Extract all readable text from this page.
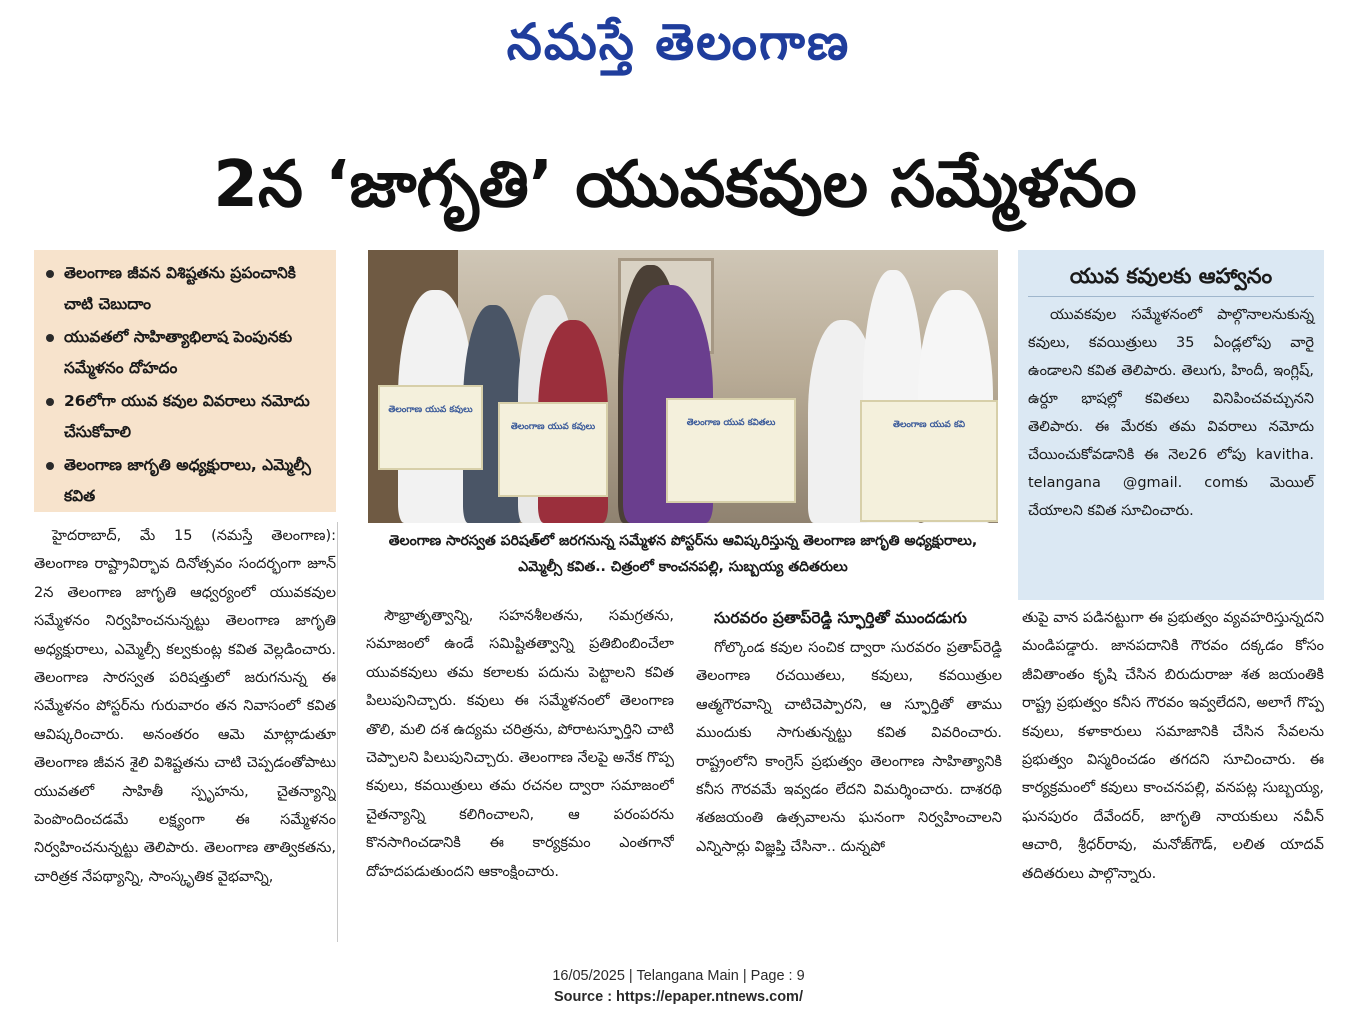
నమస్తే తెలంగాణ
2న ‘జాగృతి’ యువకవుల సమ్మేళనం
తెలంగాణ జీవన విశిష్టతను ప్రపంచానికి చాటి చెబుదాం
యువతలో సాహిత్యాభిలాష పెంపునకు సమ్మేళనం దోహదం
26లోగా యువ కవుల వివరాలు నమోదు చేసుకోవాలి
తెలంగాణ జాగృతి అధ్యక్షురాలు, ఎమ్మెల్సీ కవిత
తెలంగాణ యువ కవులు
తెలంగాణ యువ కవులు	తెలంగాణ యువ కవితలు	తెలంగాణ యువ కవి
తెలంగాణ సారస్వత పరిషత్‌లో జరగనున్న సమ్మేళన పోస్టర్‌ను ఆవిష్కరిస్తున్న తెలంగాణ జాగృతి అధ్యక్షురాలు, ఎమ్మెల్సీ కవిత.. చిత్రంలో కాంచనపల్లి, సుబ్బయ్య తదితరులు
యువ కవులకు ఆహ్వానం

యువకవుల సమ్మేళనంలో పాల్గొనాలనుకున్న కవులు, కవయిత్రులు 35 ఏండ్లలోపు వారై ఉండాలని కవిత తెలిపారు. తెలుగు, హిందీ, ఇంగ్లిష్‌, ఉర్దూ భాషల్లో కవితలు వినిపించవచ్చునని తెలిపారు. ఈ మేరకు తమ వివరాలు నమోదు చేయించుకోవడానికి ఈ నెల26 లోపు kavitha. telangana @gmail. comకు మెయిల్‌ చేయాలని కవిత సూచించారు.

హైదరాబాద్‌, మే 15 (నమస్తే తెలంగాణ): తెలంగాణ రాష్ట్రావిర్భావ దినోత్సవం సందర్భంగా జూన్‌ 2న తెలంగాణ జాగృతి ఆధ్వర్యంలో యువకవుల సమ్మేళనం నిర్వహించనున్నట్టు తెలంగాణ జాగృతి అధ్యక్షురాలు, ఎమ్మెల్సీ కల్వకుంట్ల కవిత వెల్లడించారు. తెలంగాణ సారస్వత పరిషత్తులో జరుగనున్న ఈ సమ్మేళనం పోస్టర్‌ను గురువారం తన నివాసంలో కవిత ఆవిష్కరించారు. అనంతరం ఆమె మాట్లాడుతూ తెలంగాణ జీవన శైలి విశిష్టతను చాటి చెప్పడంతోపాటు యువతలో సాహితీ స్పృహను, చైతన్యాన్ని పెంపొందించడమే లక్ష్యంగా ఈ సమ్మేళనం నిర్వహించనున్నట్టు తెలిపారు. తెలంగాణ తాత్వికతను, చారిత్రక నేపథ్యాన్ని, సాంస్కృతిక వైభవాన్ని,

సౌభ్రాతృత్వాన్ని, సహనశీలతను, సమగ్రతను, సమాజంలో ఉండే సమిష్టితత్వాన్ని ప్రతిబింబించేలా యువకవులు తమ కలాలకు పదును పెట్టాలని కవిత పిలుపునిచ్చారు. కవులు ఈ సమ్మేళనంలో తెలంగాణ తొలి, మలి దశ ఉద్యమ చరిత్రను, పోరాటస్ఫూర్తిని చాటి చెప్పాలని పిలుపునిచ్చారు. తెలంగాణ నేలపై అనేక గొప్ప కవులు, కవయిత్రులు తమ రచనల ద్వారా సమాజంలో చైతన్యాన్ని కలిగించాలని, ఆ పరంపరను కొనసాగించడానికి ఈ కార్యక్రమం ఎంతగానో దోహదపడుతుందని ఆకాంక్షించారు.

సురవరం ప్రతాప్‌రెడ్డి స్ఫూర్తితో ముందడుగు

గోల్కొండ కవుల సంచిక ద్వారా సురవరం ప్రతాప్‌రెడ్డి తెలంగాణ రచయితలు, కవులు, కవయిత్రుల ఆత్మగౌరవాన్ని చాటిచెప్పారని, ఆ స్ఫూర్తితో తాము ముందుకు సాగుతున్నట్టు కవిత వివరించారు. రాష్ట్రంలోని కాంగ్రెస్‌ ప్రభుత్వం తెలంగాణ సాహిత్యానికి కనీస గౌరవమే ఇవ్వడం లేదని విమర్శించారు. దాశరథి శతజయంతి ఉత్సవాలను ఘనంగా నిర్వహించాలని ఎన్నిసార్లు విజ్ఞప్తి చేసినా.. దున్నపో

తుపై వాన పడినట్టుగా ఈ ప్రభుత్వం వ్యవహరిస్తున్నదని మండిపడ్డారు. జానపదానికి గౌరవం దక్కడం కోసం జీవితాంతం కృషి చేసిన బిరుదురాజు శత జయంతికి రాష్ట్ర ప్రభుత్వం కనీస గౌరవం ఇవ్వలేదని, అలాగే గొప్ప కవులు, కళాకారులు సమాజానికి చేసిన సేవలను ప్రభుత్వం విస్మరించడం తగదని సూచించారు. ఈ కార్యక్రమంలో కవులు కాంచనపల్లి, వనపట్ల సుబ్బయ్య, ఘనపురం దేవేందర్‌, జాగృతి నాయకులు నవీన్‌ ఆచారి, శ్రీధర్‌రావు, మనోజ్‌గౌడ్‌, లలిత యాదవ్‌ తదితరులు పాల్గొన్నారు.

16/05/2025 | Telangana Main | Page : 9
Source : https://epaper.ntnews.com/
